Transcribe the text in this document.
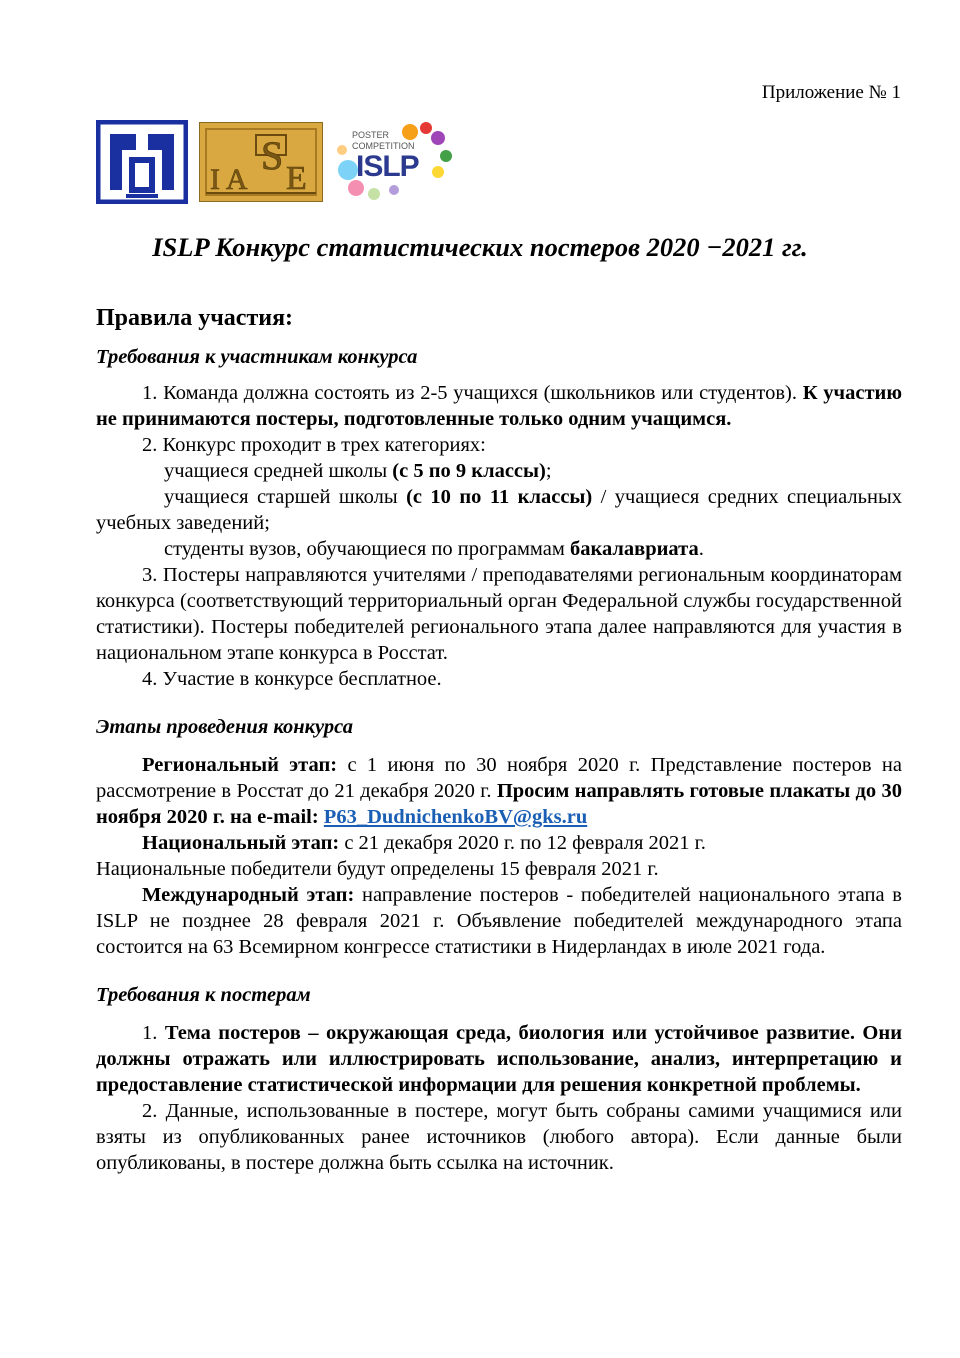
Приложение № 1
S
I A E
POSTER COMPETITION
ISLP
ISLP Конкурс статистических постеров 2020 −2021 гг.
Правила участия:
Требования к участникам конкурса

1. Команда должна состоять из 2-5 учащихся (школьников или студентов). К участию не принимаются постеры, подготовленные только одним учащимся.

2. Конкурс проходит в трех категориях:

учащиеся средней школы (с 5 по 9 классы);

учащиеся старшей школы (с 10 по 11 классы) / учащиеся средних специальных учебных заведений;

студенты вузов, обучающиеся по программам бакалавриата.

3. Постеры направляются учителями / преподавателями региональным координаторам конкурса (соответствующий территориальный орган Федеральной службы государственной статистики). Постеры победителей регионального этапа далее направляются для участия в национальном этапе конкурса в Росстат.

4. Участие в конкурсе бесплатное.

Этапы проведения конкурса

Региональный этап: с 1 июня по 30 ноября 2020 г. Представление постеров на рассмотрение в Росстат до 21 декабря 2020 г. Просим направлять готовые плакаты до 30 ноября 2020 г. на e-mail: P63_DudnichenkoBV@gks.ru

Национальный этап: с 21 декабря 2020 г. по 12 февраля 2021 г.

Национальные победители будут определены 15 февраля 2021 г.

Международный этап: направление постеров - победителей национального этапа в ISLP не позднее 28 февраля 2021 г. Объявление победителей международного этапа состоится на 63 Всемирном конгрессе статистики в Нидерландах в июле 2021 года.

Требования к постерам

1. Тема постеров – окружающая среда, биология или устойчивое развитие. Они должны отражать или иллюстрировать использование, анализ, интерпретацию и предоставление статистической информации для решения конкретной проблемы.

2. Данные, использованные в постере, могут быть собраны самими учащимися или взяты из опубликованных ранее источников (любого автора). Если данные были опубликованы, в постере должна быть ссылка на источник.
